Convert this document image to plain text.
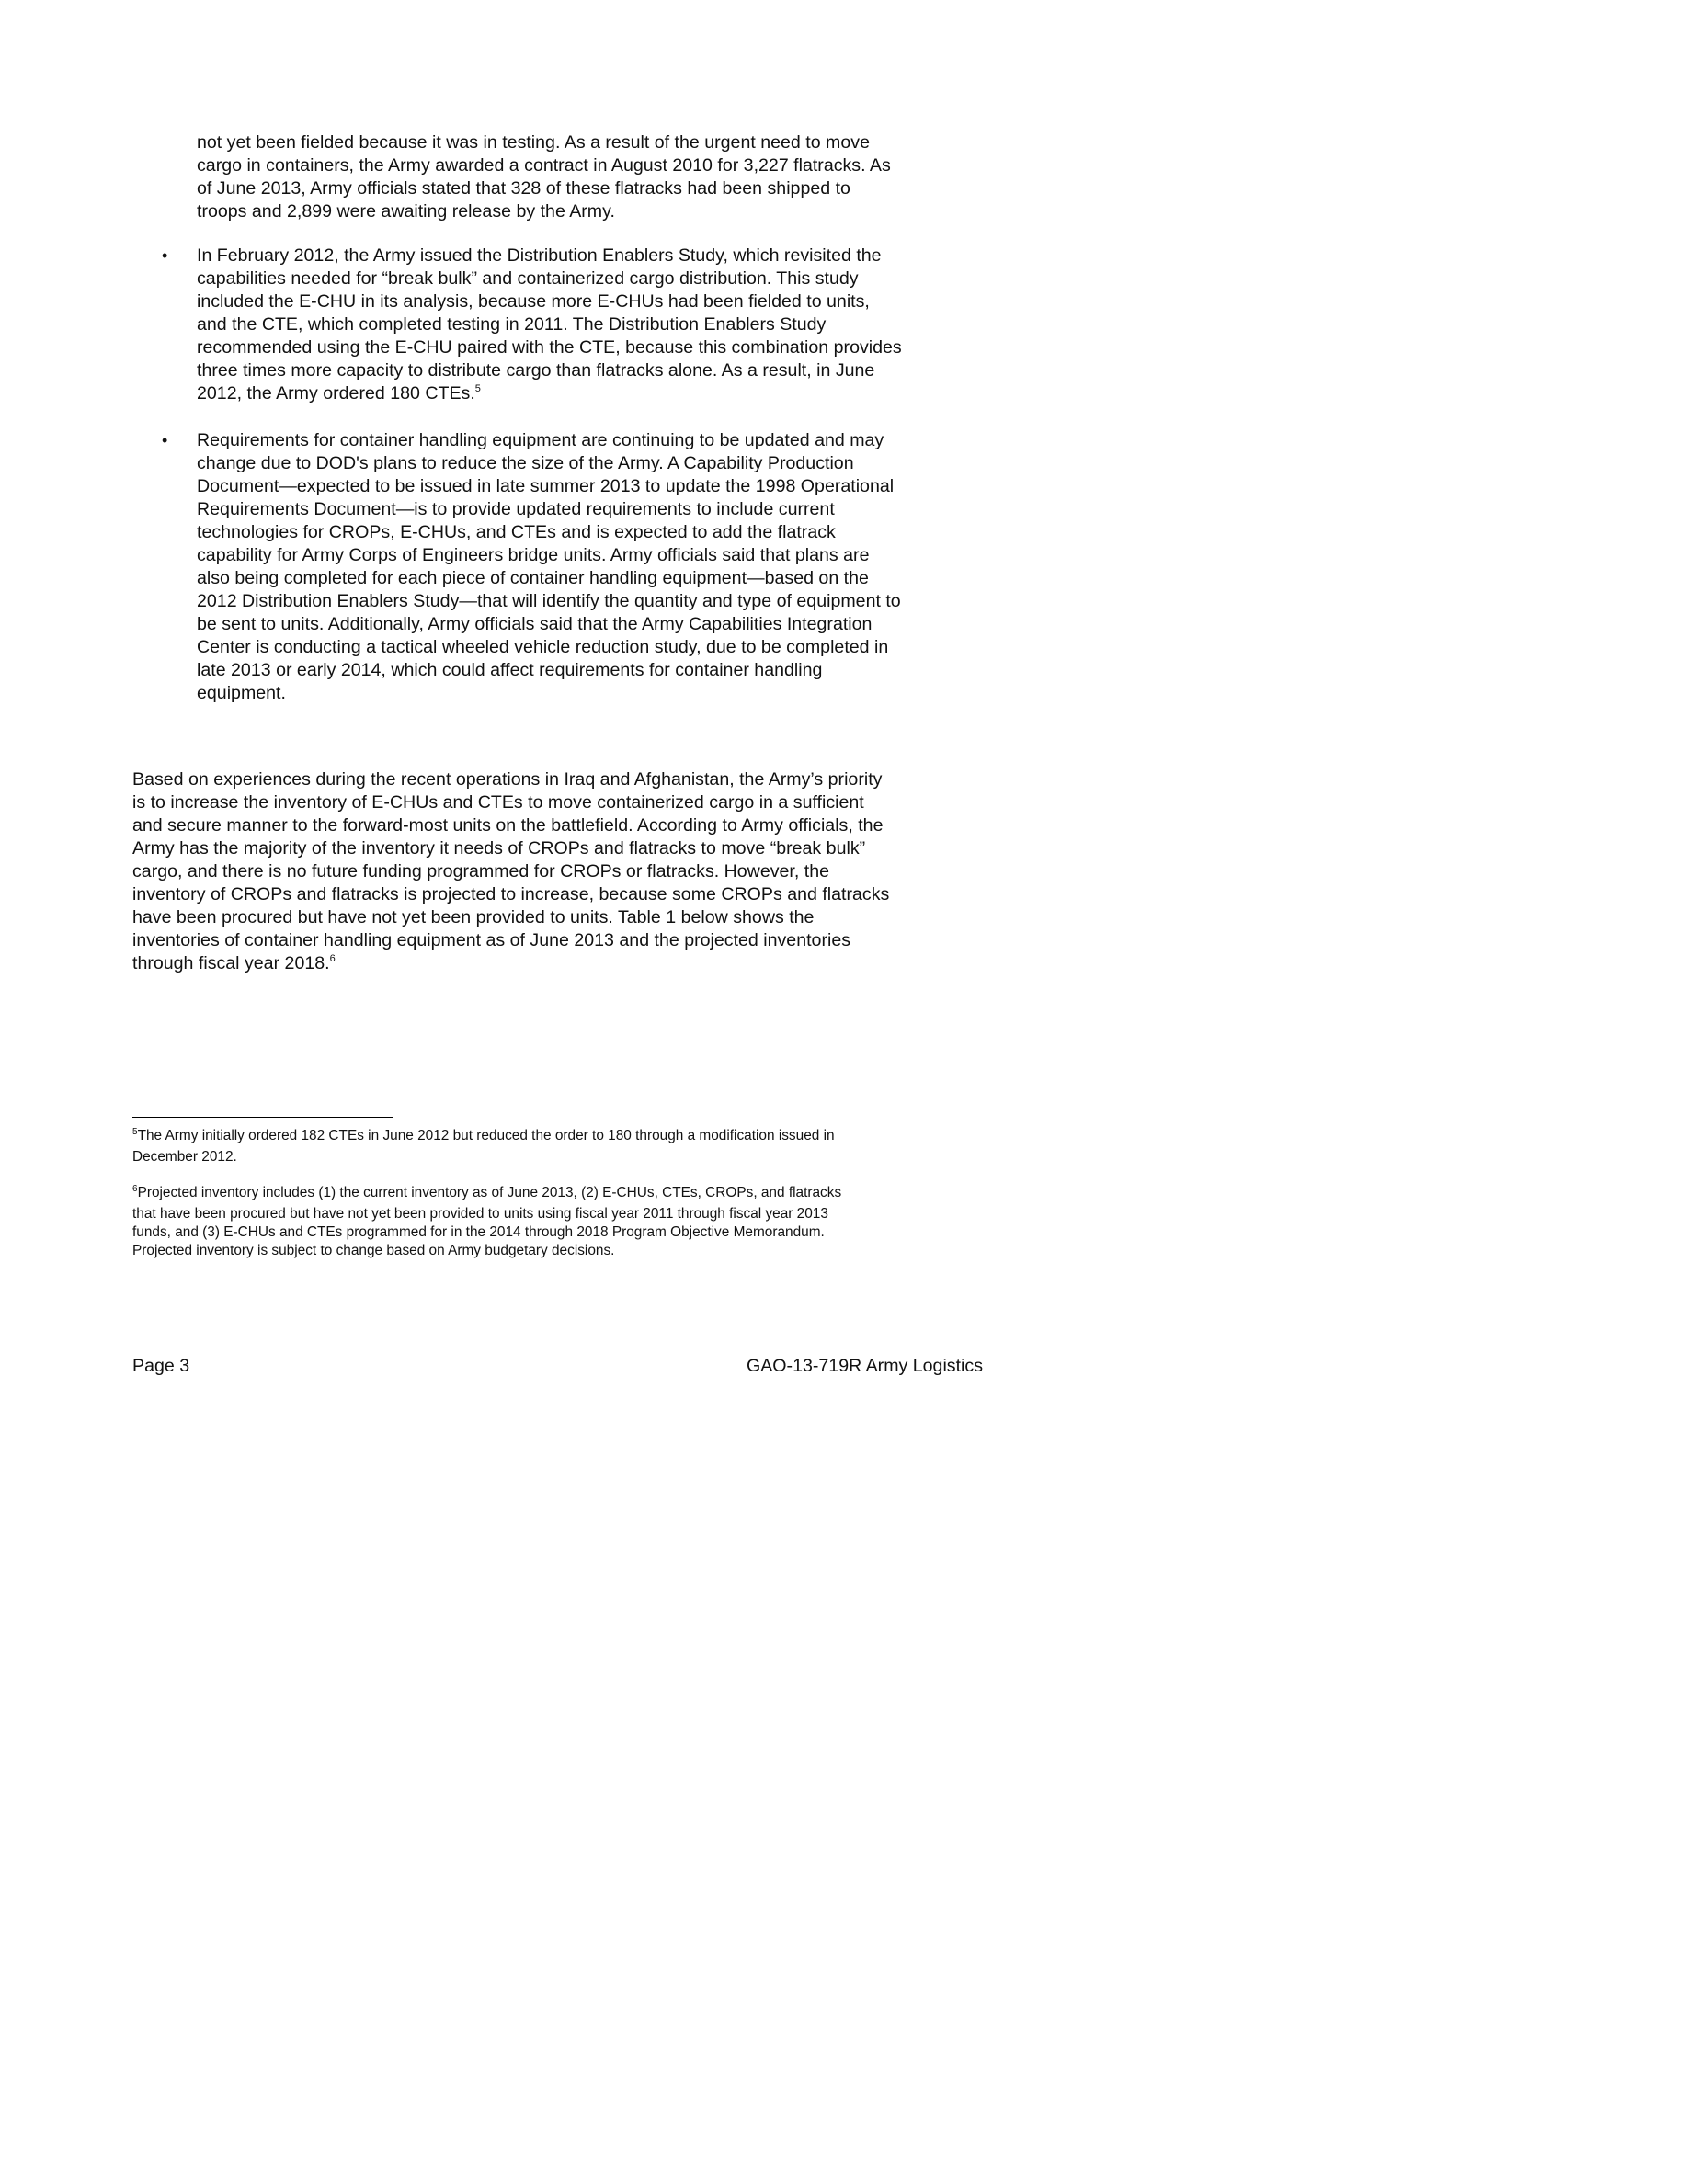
not yet been fielded because it was in testing. As a result of the urgent need to move
cargo in containers, the Army awarded a contract in August 2010 for 3,227 flatracks. As
of June 2013, Army officials stated that 328 of these flatracks had been shipped to
troops and 2,899 were awaiting release by the Army.
• In February 2012, the Army issued the Distribution Enablers Study, which revisited the
capabilities needed for “break bulk” and containerized cargo distribution. This study
included the E-CHU in its analysis, because more E-CHUs had been fielded to units,
and the CTE, which completed testing in 2011. The Distribution Enablers Study
recommended using the E-CHU paired with the CTE, because this combination provides
three times more capacity to distribute cargo than flatracks alone. As a result, in June
2012, the Army ordered 180 CTEs.$^5$
• Requirements for container handling equipment are continuing to be updated and may
change due to DOD's plans to reduce the size of the Army. A Capability Production
Document—expected to be issued in late summer 2013 to update the 1998 Operational
Requirements Document—is to provide updated requirements to include current
technologies for CROPs, E-CHUs, and CTEs and is expected to add the flatrack
capability for Army Corps of Engineers bridge units. Army officials said that plans are
also being completed for each piece of container handling equipment—based on the
2012 Distribution Enablers Study—that will identify the quantity and type of equipment to
be sent to units. Additionally, Army officials said that the Army Capabilities Integration
Center is conducting a tactical wheeled vehicle reduction study, due to be completed in
late 2013 or early 2014, which could affect requirements for container handling
equipment.
Based on experiences during the recent operations in Iraq and Afghanistan, the Army’s priority
is to increase the inventory of E-CHUs and CTEs to move containerized cargo in a sufficient
and secure manner to the forward-most units on the battlefield. According to Army officials, the
Army has the majority of the inventory it needs of CROPs and flatracks to move “break bulk”
cargo, and there is no future funding programmed for CROPs or flatracks. However, the
inventory of CROPs and flatracks is projected to increase, because some CROPs and flatracks
have been procured but have not yet been provided to units. Table 1 below shows the
inventories of container handling equipment as of June 2013 and the projected inventories
through fiscal year 2018.$^6$
$^5$The Army initially ordered 182 CTEs in June 2012 but reduced the order to 180 through a modification issued in
December 2012.
$^6$Projected inventory includes (1) the current inventory as of June 2013, (2) E-CHUs, CTEs, CROPs, and flatracks
that have been procured but have not yet been provided to units using fiscal year 2011 through fiscal year 2013
funds, and (3) E-CHUs and CTEs programmed for in the 2014 through 2018 Program Objective Memorandum.
Projected inventory is subject to change based on Army budgetary decisions.
Page 3	GAO-13-719R Army Logistics
